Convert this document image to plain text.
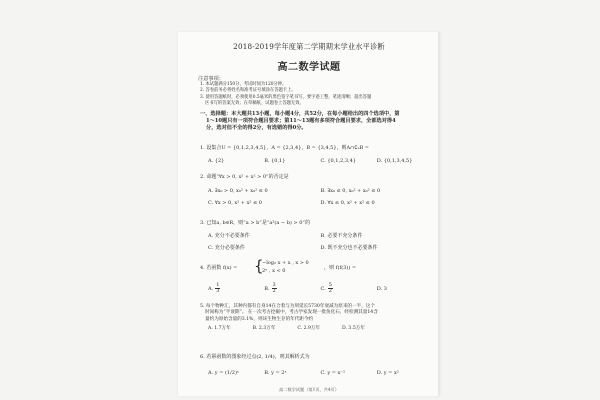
2018-2019学年度第二学期期末学业水平诊断
高二数学试题
注意事项：
1. 本试题满分150分，考试时间为120分钟。
2. 答卷前务必将姓名和准考证号填涂在答题卡上。
3. 使用答题纸时，必须使用0.5毫米的黑色签字笔书写，要字迹工整，笔迹清晰；超出答题
区书写的答案无效；在草稿纸、试题卷上答题无效。
一、选择题：本大题共13小题，每小题4分，共52分，在每小题给出的四个选项中，第
1～10题只有一项符合题目要求；第11～13题有多项符合题目要求，全部选对得4
分，选对但不全的得2分，有选错的得0分。
1. 设集合U = {0,1,2,3,4,5}，A = {2,3,4}，B = {3,4,5}，则A∩∁ᵤB =
A. {2}	B. {0,1}	C. {0,1,2,3,4}	D. {0,1,3,4,5}
2. 命题“∀x > 0, x² + x² > 0”的否定是
A. ∃x₀ > 0, x₀² + x₀² ≤ 0	B. ∃x₀ ≤ 0, x₀² + x₀² ≤ 0
C. ∀x > 0, x² + x² ≤ 0	D. ∀x ≤ 0, x² + x² ≤ 0
3. 已知a, b∈R，则“a > b”是“a²(a − b) > 0”的
A. 充分不必要条件	B. 必要不充分条件
C. 充分必要条件	D. 既不充分也不必要条件
4. 若函数 f(x) =	{
−log₂ x + x , x > 0
2ˣ , x < 0	，则 f(f(3)) =
A. $\frac{1}{3}$	B. $\frac{3}{2}$	C. $\frac{5}{2}$	D. 3
5. 每个物种汇，其种内都有自身14在合着与为刻延长5730年衰减为原来的一半，这个
时间称为“半衰期”。 在一次考古挖掘中，考古学家发现一批鱼化石，经检测其量14含
量约为原始含量的3.1%，则该生物生存的年代距今约
A. 1.7万年               B. 2.3万年               C. 2.9万年               D. 3.5万年
6. 若幂函数的图象经过点(2, 1/4)，则其解析式为
A. y = (1/2)ˣ	B. y = 2ˣ	C. y = x⁻²	D. y = x²
高二数学试题（第1页，共4页）
